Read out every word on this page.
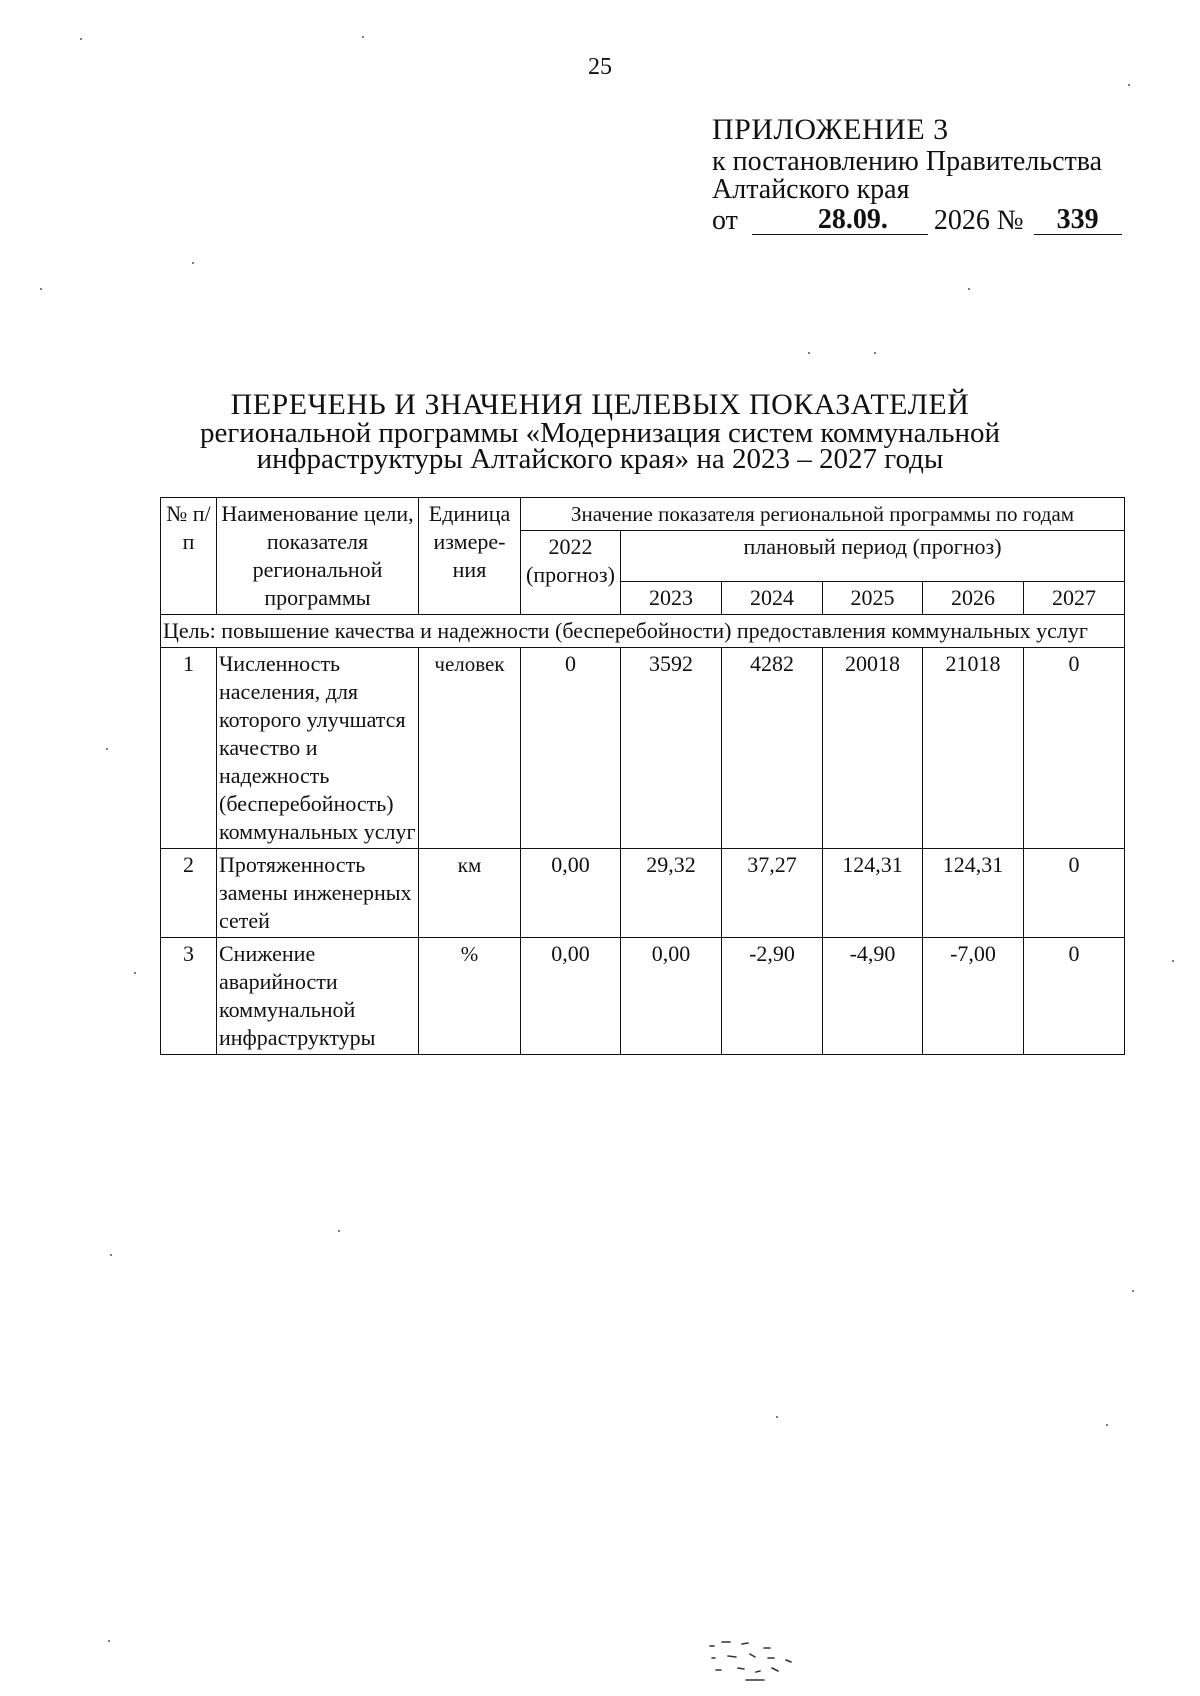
25
ПРИЛОЖЕНИЕ 3
к постановлению Правительства
Алтайского края
от	28.09.	2026 №	339
ПЕРЕЧЕНЬ И ЗНАЧЕНИЯ ЦЕЛЕВЫХ ПОКАЗАТЕЛЕЙ
региональной программы «Модернизация систем коммунальной
инфраструктуры Алтайского края» на 2023 – 2027 годы
№ п/п	Наименование цели, показателя региональной программы	Единица измере-ния	Значение показателя региональной программы по годам					
			2022 (прогноз)	плановый период (прогноз)				
				2023	2024	2025	2026	2027
Цель: повышение качества и надежности (бесперебойности) предоставления коммунальных услуг								
1	Численность населения, для которого улучшатся качество и надежность (бесперебойность) коммунальных услуг	человек	0	3592	4282	20018	21018	0
2	Протяженность замены инженерных сетей	км	0,00	29,32	37,27	124,31	124,31	0
3	Снижение аварийности коммунальной инфраструктуры	%	0,00	0,00	-2,90	-4,90	-7,00	0
